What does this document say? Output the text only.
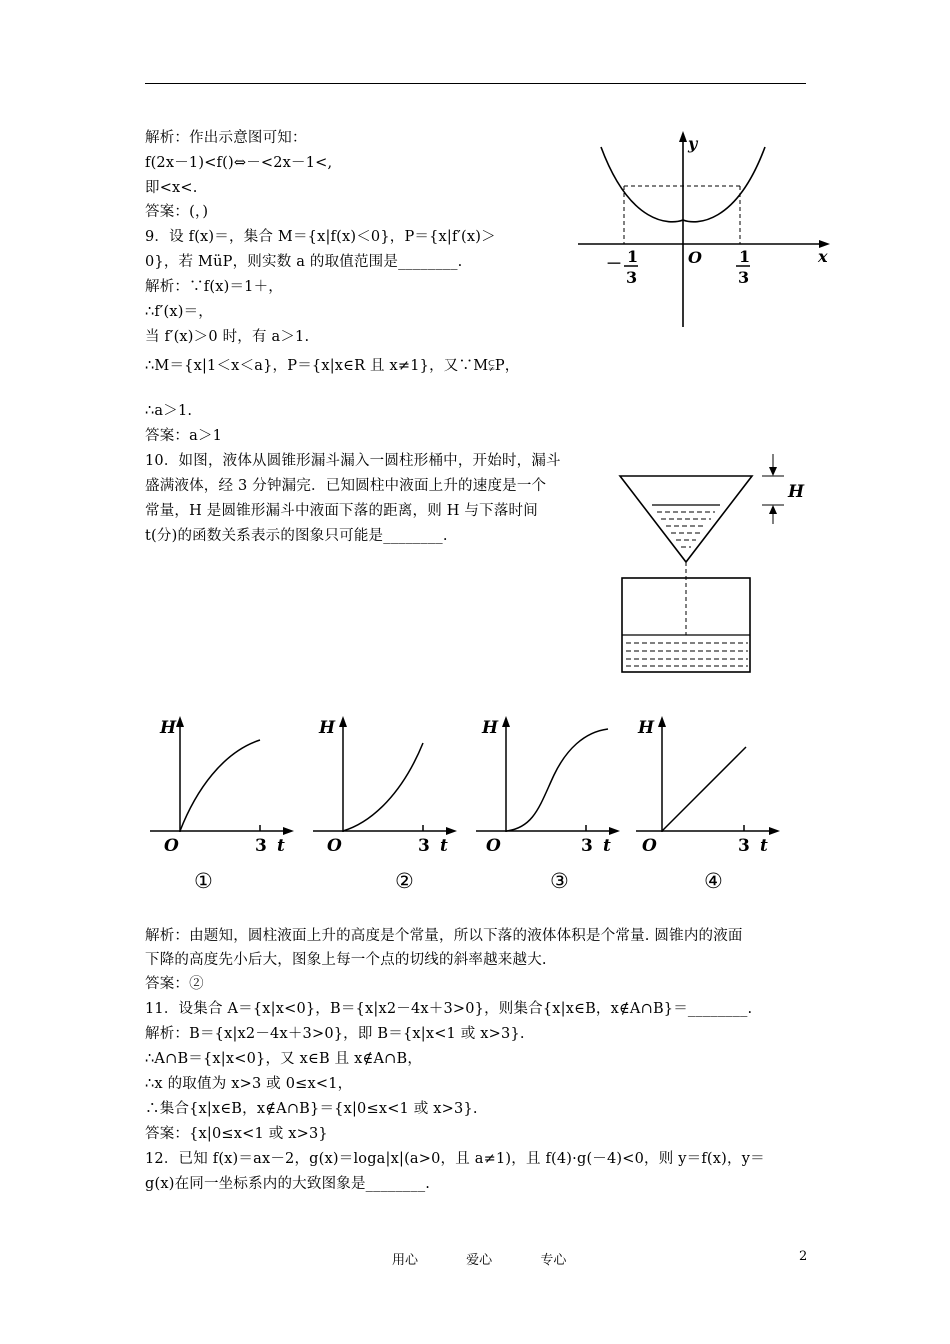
解析：作出示意图可知：
f(2x－1)<f()⇔－<2x－1<,
即<x<.
答案：(，)
9．设 f(x)＝，集合 M＝{x|f(x)＜0}，P＝{x|f′(x)＞
0}，若 MüP，则实数 a 的取值范围是________.
解析：∵f(x)＝1＋，
∴f′(x)＝，
当 f′(x)＞0 时，有 a＞1.
∴M＝{x|1＜x＜a}，P＝{x|x∈R 且 x≠1}，又∵M⫋P，
∴a＞1.
答案：a＞1
10．如图，液体从圆锥形漏斗漏入一圆柱形桶中，开始时，漏斗
盛满液体，经 3 分钟漏完．已知圆柱中液面上升的速度是一个
常量，H 是圆锥形漏斗中液面下落的距离，则 H 与下落时间
t(分)的函数关系表示的图象只可能是________.
解析：由题知，圆柱液面上升的高度是个常量，所以下落的液体体积是个常量. 圆锥内的液面
下降的高度先小后大，图象上每一个点的切线的斜率越来越大.
答案：②
11．设集合 A＝{x|x<0}，B＝{x|x2－4x＋3>0}，则集合{x|x∈B，x∉A∩B}＝________.
解析：B＝{x|x2－4x＋3>0}，即 B＝{x|x<1 或 x>3}.
∴A∩B＝{x|x<0}，又 x∈B 且 x∉A∩B，
∴x 的取值为 x>3 或 0≤x<1，
∴集合{x|x∈B，x∉A∩B}＝{x|0≤x<1 或 x>3}.
答案：{x|0≤x<1 或 x>3}
12．已知 f(x)＝ax－2，g(x)＝loga|x|(a>0，且 a≠1)，且 f(4)·g(－4)<0，则 y＝f(x)，y＝
g(x)在同一坐标系内的大致图象是________.
y
x
O
－ 1
3
1
3
H
H
O	3 t
①
H
O	3 t
②
H
O	3 t
③
H
O	3 t
④
用心	爱心	专心	2
